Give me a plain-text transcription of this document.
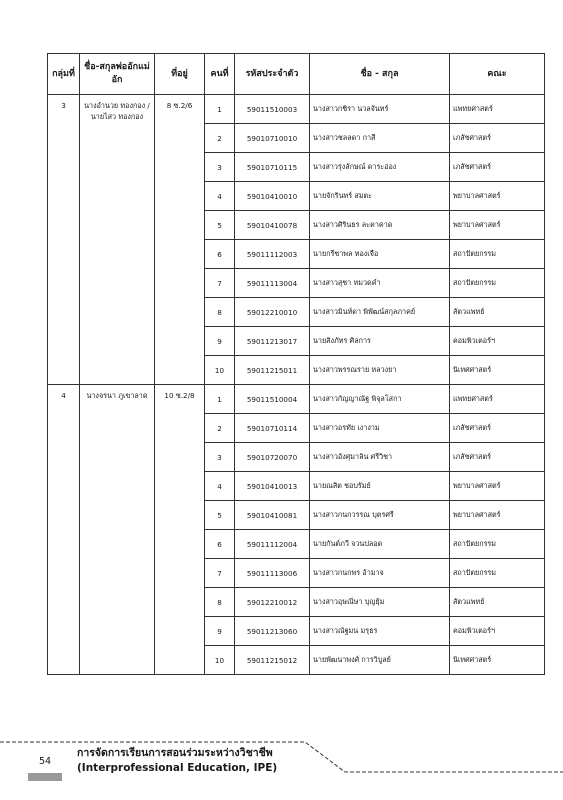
กลุ่มที่	ชื่อ-สกุลพ่ออักแม่อัก	ที่อยู่	คนที่	รหัสประจำตัว	ชื่อ - สกุล	คณะ
3	นางอำนวย ทองกอง / นายไสว ทองกอง	8 ซ.2/6	1	59011510003	นางสาวกชิรา นวลจันทร์	แพทยศาสตร์
			2	59010710010	นางสาวชลลดา กาสี	เภสัชศาสตร์
			3	59010710115	นางสาวรุ่งลักษณ์ ดาระอ่อง	เภสัชศาสตร์
			4	59010410010	นายจักรินทร์ สมตะ	พยาบาลศาสตร์
			5	59010410078	นางสาวศิรินธร ละคาคาด	พยาบาลศาสตร์
			6	59011112003	นายกรีชาพล ทองเจือ	สถาปัตยกรรม
			7	59011113004	นางสาวสุชา หมวดคำ	สถาปัตยกรรม
			8	59012210010	นางสาวมินท์ดา พิพัฒน์สกุลภาคย์	สัตวแพทย์
			9	59011213017	นายสิงภัทร ศิลการ	คอมพิวเตอร์ฯ
			10	59011215011	นางสาวพรรณราย หลวงยา	นิเทศศาสตร์
4	นางจรนา ภูเขาลาด	10 ซ.2/8	1	59011510004	นางสาวกัญญาณัฐ พิจุลโสกา	แพทยศาสตร์
			2	59010710114	นางสาวอรทัย เงางาม	เภสัชศาสตร์
			3	59010720070	นางสาวอังศุมาลิน ศรีวิชา	เภสัชศาสตร์
			4	59010410013	นายณสิต ชอบรัมย์	พยาบาลศาสตร์
			5	59010410081	นางสาวกนกวรรณ บุตรศรี	พยาบาลศาสตร์
			6	59011112004	นายกันต์ภวี จวนปลอด	สถาปัตยกรรม
			7	59011113006	นางสาวกนกพร อ้ามาจ	สถาปัตยกรรม
			8	59012210012	นางสาวอุษณีษา บุญยุ้ม	สัตวแพทย์
			9	59011213060	นางสาวณัฐมน มรุธร	คอมพิวเตอร์ฯ
			10	59011215012	นายพัฒนาพงศ์ การวิบูลย์	นิเทศศาสตร์
54
การจัดการเรียนการสอนร่วมระหว่างวิชาชีพ
(Interprofessional Education, IPE)
